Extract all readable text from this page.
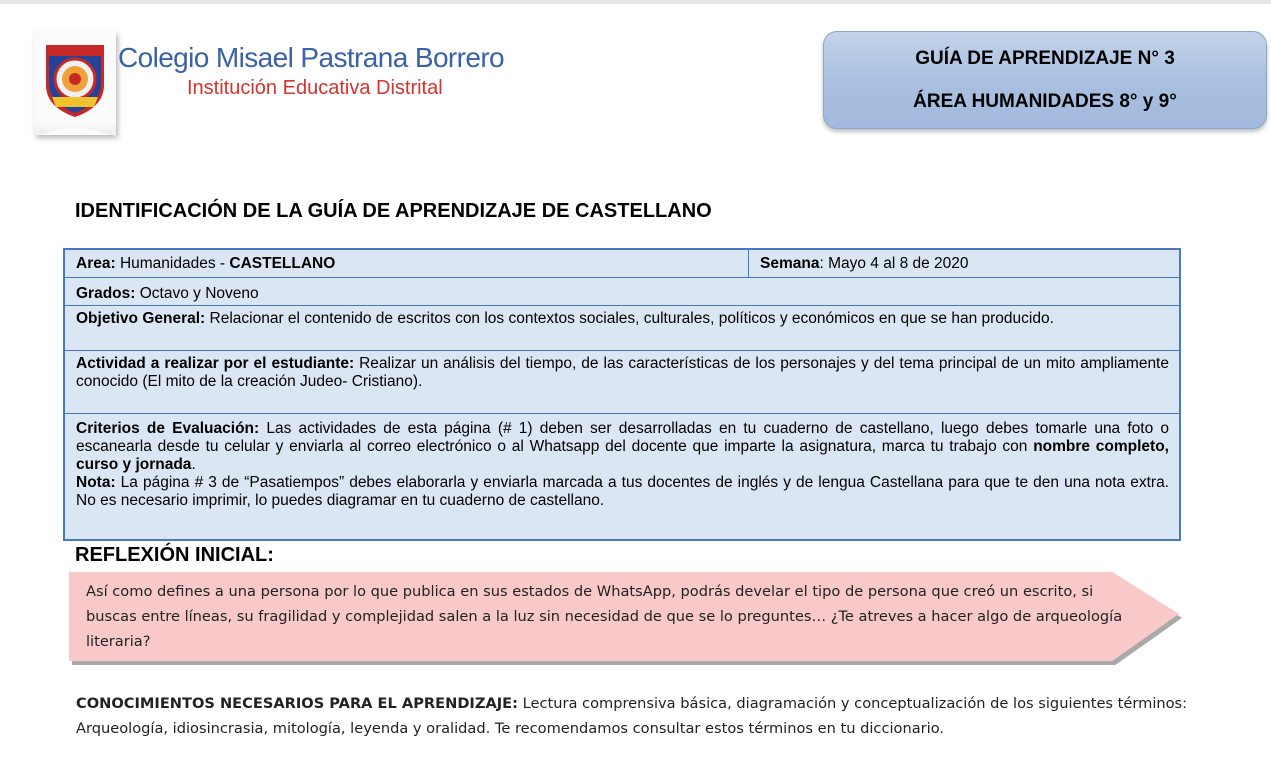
Colegio Misael Pastrana Borrero

Institución Educativa Distrital

GUÍA DE APRENDIZAJE N° 3
ÁREA HUMANIDADES 8° y 9°
IDENTIFICACIÓN DE LA GUÍA DE APRENDIZAJE DE CASTELLANO
Area: Humanidades - CASTELLANO	Semana: Mayo 4 al 8 de 2020
Grados: Octavo y Noveno
Objetivo General: Relacionar el contenido de escritos con los contextos sociales, culturales, políticos y económicos en que se han producido.
Actividad a realizar por el estudiante: Realizar un análisis del tiempo, de las características de los personajes y del tema principal de un mito ampliamente conocido (El mito de la creación Judeo- Cristiano).
Criterios de Evaluación: Las actividades de esta página (# 1) deben ser desarrolladas en tu cuaderno de castellano, luego debes tomarle una foto o escanearla desde tu celular y enviarla al correo electrónico o al Whatsapp del docente que imparte la asignatura, marca tu trabajo con nombre completo, curso y jornada.
Nota: La página # 3 de “Pasatiempos” debes elaborarla y enviarla marcada a tus docentes de inglés y de lengua Castellana para que te den una nota extra. No es necesario imprimir, lo puedes diagramar en tu cuaderno de castellano.
REFLEXIÓN INICIAL:
Así como defines a una persona por lo que publica en sus estados de WhatsApp, podrás develar el tipo de persona que creó un escrito, si buscas entre líneas, su fragilidad y complejidad salen a la luz sin necesidad de que se lo preguntes… ¿Te atreves a hacer algo de arqueología literaria?
CONOCIMIENTOS NECESARIOS PARA EL APRENDIZAJE: Lectura comprensiva básica, diagramación y conceptualización de los siguientes términos: Arqueología, idiosincrasia, mitología, leyenda y oralidad. Te recomendamos consultar estos términos en tu diccionario.
